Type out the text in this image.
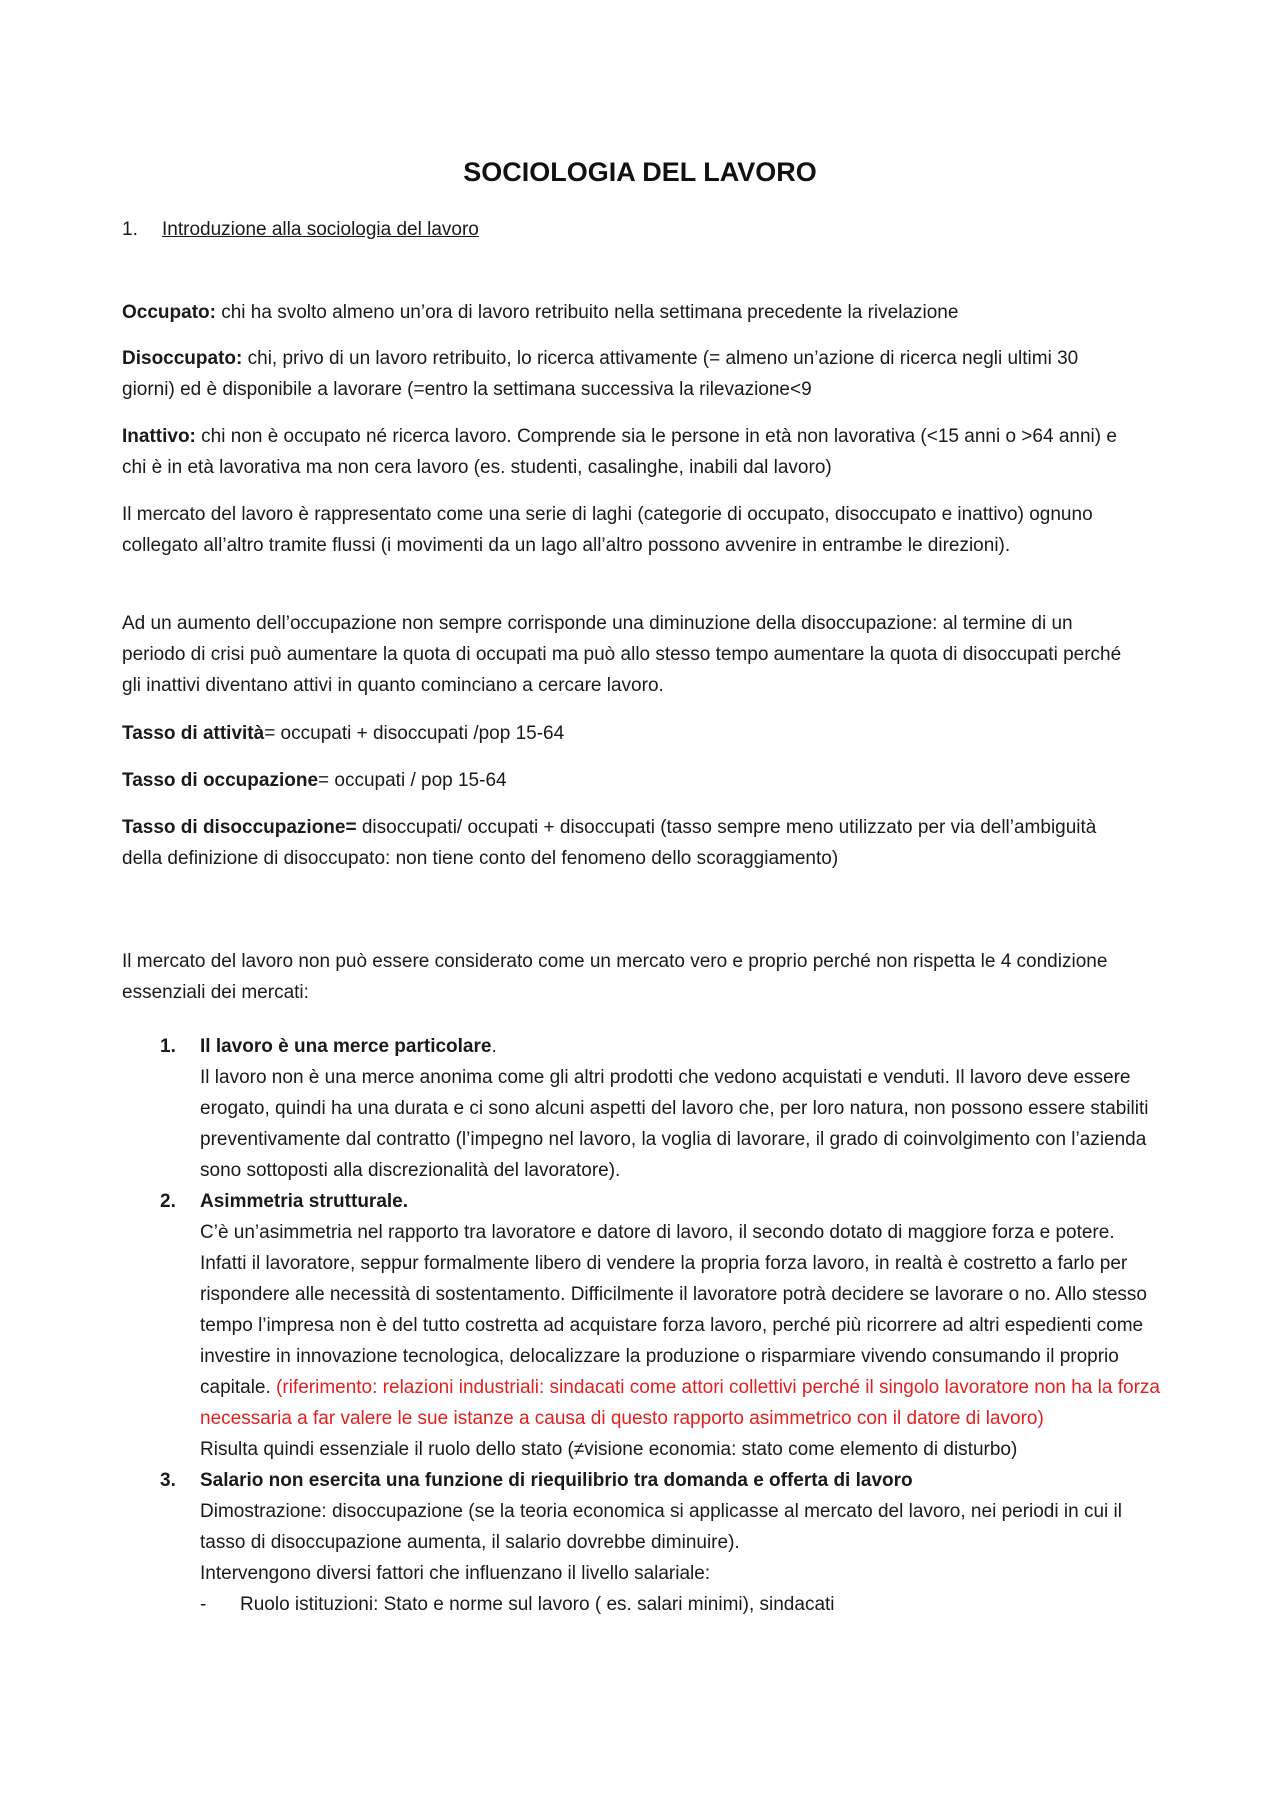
SOCIOLOGIA DEL LAVORO
1. Introduzione alla sociologia del lavoro

Occupato: chi ha svolto almeno un’ora di lavoro retribuito nella settimana precedente la rivelazione

Disoccupato: chi, privo di un lavoro retribuito, lo ricerca attivamente (= almeno un’azione di ricerca negli ultimi 30 giorni) ed è disponibile a lavorare (=entro la settimana successiva la rilevazione<9

Inattivo: chi non è occupato né ricerca lavoro. Comprende sia le persone in età non lavorativa (<15 anni o >64 anni) e chi è in età lavorativa ma non cera lavoro (es. studenti, casalinghe, inabili dal lavoro)

Il mercato del lavoro è rappresentato come una serie di laghi (categorie di occupato, disoccupato e inattivo) ognuno collegato all’altro tramite flussi (i movimenti da un lago all’altro possono avvenire in entrambe le direzioni).

Ad un aumento dell’occupazione non sempre corrisponde una diminuzione della disoccupazione: al termine di un periodo di crisi può aumentare la quota di occupati ma può allo stesso tempo aumentare la quota di disoccupati perché gli inattivi diventano attivi in quanto cominciano a cercare lavoro.

Tasso di attività= occupati + disoccupati /pop 15-64

Tasso di occupazione= occupati / pop 15-64

Tasso di disoccupazione= disoccupati/ occupati + disoccupati (tasso sempre meno utilizzato per via dell’ambiguità della definizione di disoccupato: non tiene conto del fenomeno dello scoraggiamento)

Il mercato del lavoro non può essere considerato come un mercato vero e proprio perché non rispetta le 4 condizione essenziali dei mercati:

1. Il lavoro è una merce particolare.
Il lavoro non è una merce anonima come gli altri prodotti che vedono acquistati e venduti. Il lavoro deve essere erogato, quindi ha una durata e ci sono alcuni aspetti del lavoro che, per loro natura, non possono essere stabiliti preventivamente dal contratto (l’impegno nel lavoro, la voglia di lavorare, il grado di coinvolgimento con l’azienda sono sottoposti alla discrezionalità del lavoratore).
2. Asimmetria strutturale.
C’è un’asimmetria nel rapporto tra lavoratore e datore di lavoro, il secondo dotato di maggiore forza e potere. Infatti il lavoratore, seppur formalmente libero di vendere la propria forza lavoro, in realtà è costretto a farlo per rispondere alle necessità di sostentamento. Difficilmente il lavoratore potrà decidere se lavorare o no. Allo stesso tempo l’impresa non è del tutto costretta ad acquistare forza lavoro, perché più ricorrere ad altri espedienti come investire in innovazione tecnologica, delocalizzare la produzione o risparmiare vivendo consumando il proprio capitale. (riferimento: relazioni industriali: sindacati come attori collettivi perché il singolo lavoratore non ha la forza necessaria a far valere le sue istanze a causa di questo rapporto asimmetrico con il datore di lavoro)
Risulta quindi essenziale il ruolo dello stato (≠visione economia: stato come elemento di disturbo)
3. Salario non esercita una funzione di riequilibrio tra domanda e offerta di lavoro
Dimostrazione: disoccupazione (se la teoria economica si applicasse al mercato del lavoro, nei periodi in cui il tasso di disoccupazione aumenta, il salario dovrebbe diminuire).
Intervengono diversi fattori che influenzano il livello salariale:
- Ruolo istituzioni: Stato e norme sul lavoro ( es. salari minimi), sindacati
